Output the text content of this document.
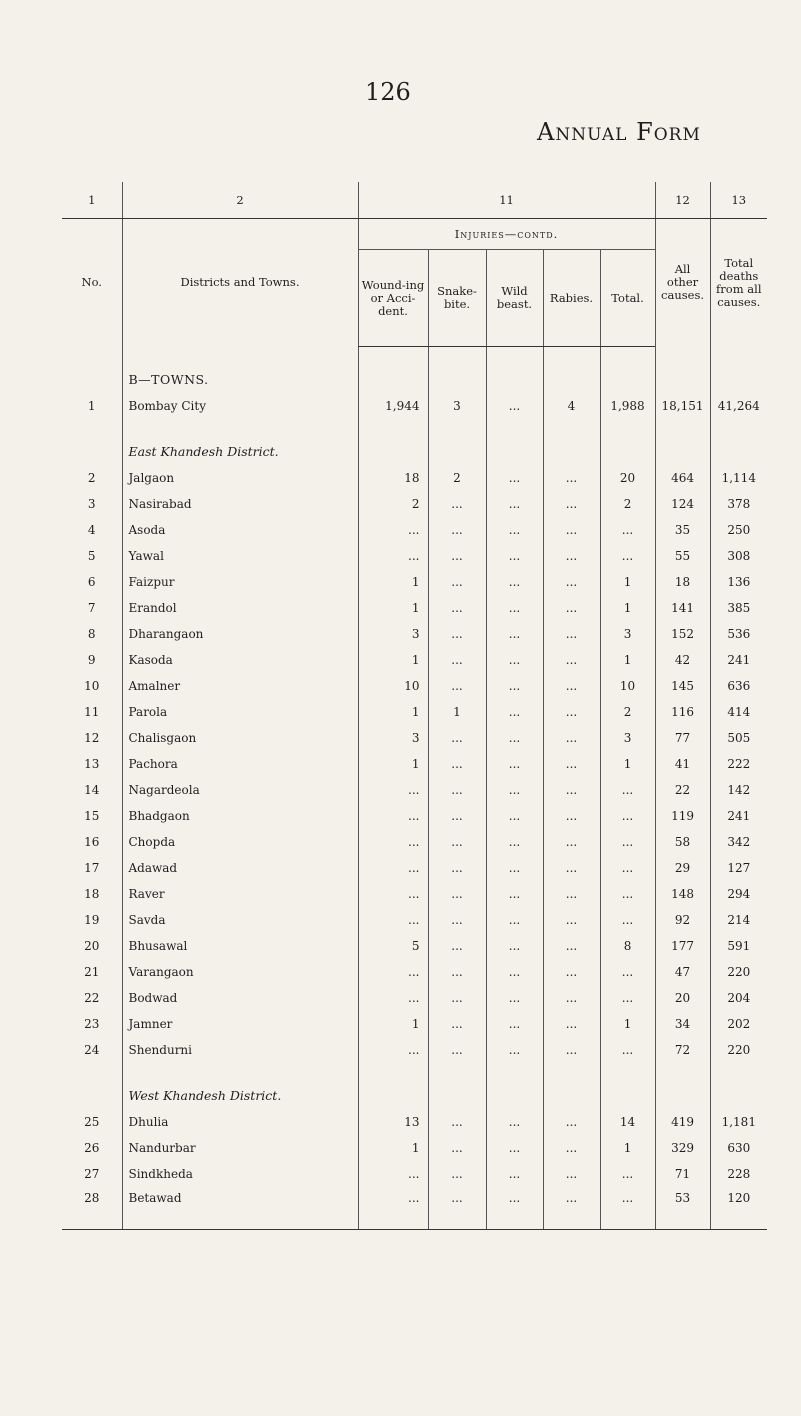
126
Annual Form
1	2	11					12	13
No.	Districts and Towns.	Injuries—contd.					All other causes.	Total deaths from all causes.
		Wound-ing or Acci-dent.	Snake-bite.	Wild beast.	Rabies.	Total.		
	B—TOWNS.							
1	Bombay City	1,944	3	...	4	1,988	18,151	41,264
	East Khandesh District.							
2	Jalgaon	18	2	...	...	20	464	1,114
3	Nasirabad	2	...	...	...	2	124	378
4	Asoda	...	...	...	...	...	35	250
5	Yawal	...	...	...	...	...	55	308
6	Faizpur	1	...	...	...	1	18	136
7	Erandol	1	...	...	...	1	141	385
8	Dharangaon	3	...	...	...	3	152	536
9	Kasoda	1	...	...	...	1	42	241
10	Amalner	10	...	...	...	10	145	636
11	Parola	1	1	...	...	2	116	414
12	Chalisgaon	3	...	...	...	3	77	505
13	Pachora	1	...	...	...	1	41	222
14	Nagardeola	...	...	...	...	...	22	142
15	Bhadgaon	...	...	...	...	...	119	241
16	Chopda	...	...	...	...	...	58	342
17	Adawad	...	...	...	...	...	29	127
18	Raver	...	...	...	...	...	148	294
19	Savda	...	...	...	...	...	92	214
20	Bhusawal	5	...	...	...	8	177	591
21	Varangaon	...	...	...	...	...	47	220
22	Bodwad	...	...	...	...	...	20	204
23	Jamner	1	...	...	...	1	34	202
24	Shendurni	...	...	...	...	...	72	220
	West Khandesh District.							
25	Dhulia	13	...	...	...	14	419	1,181
26	Nandurbar	1	...	...	...	1	329	630
27	Sindkheda	...	...	...	...	...	71	228
28	Betawad	...	...	...	...	...	53	120
